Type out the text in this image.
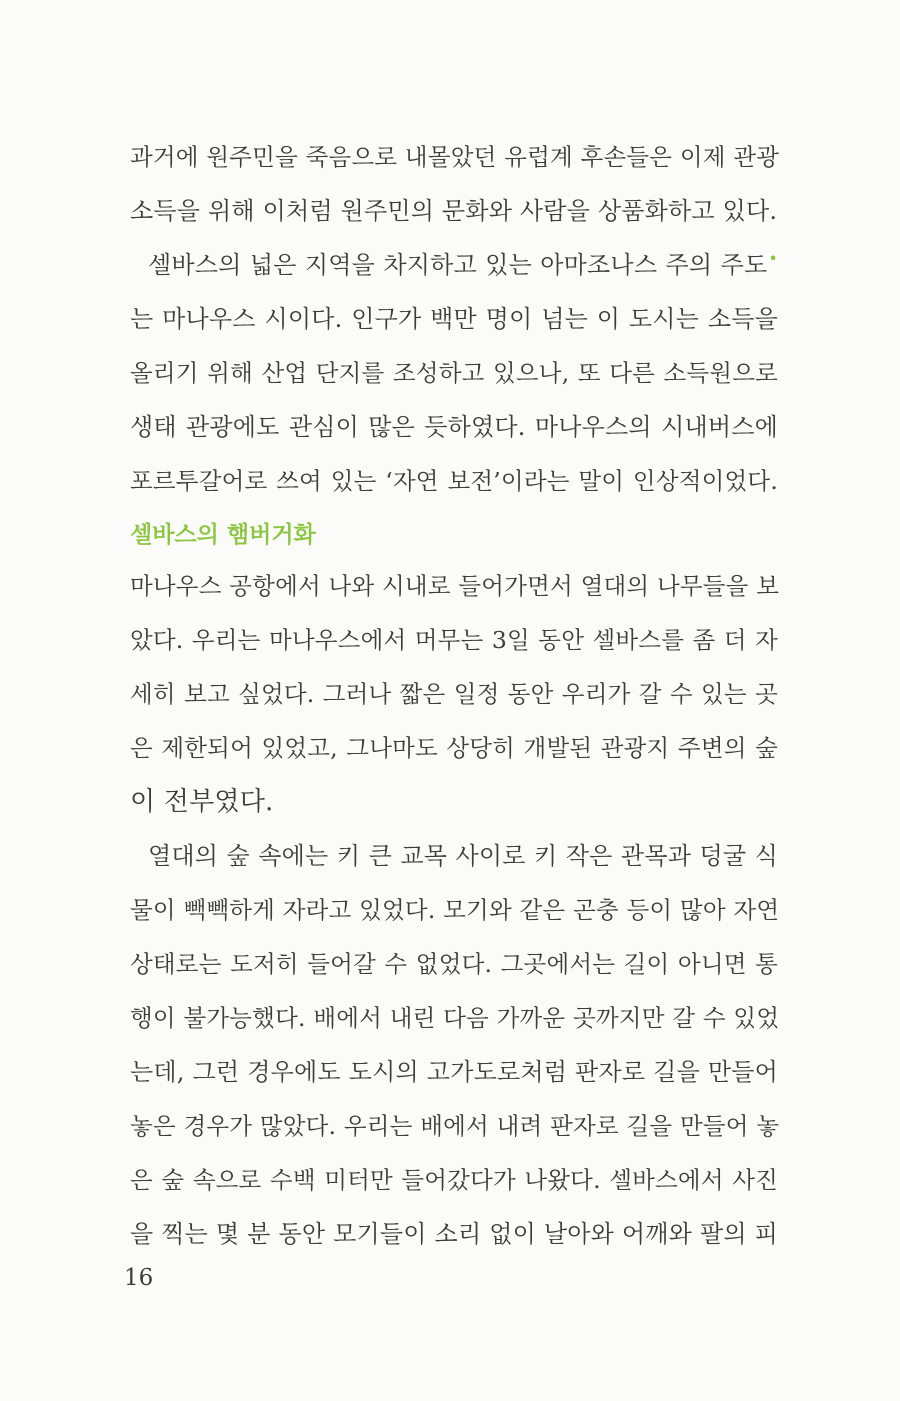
과거에 원주민을 죽음으로 내몰았던 유럽계 후손들은 이제 관광
소득을 위해 이처럼 원주민의 문화와 사람을 상품화하고 있다.
셀바스의 넓은 지역을 차지하고 있는 아마조나스 주의 주도•
는 마나우스 시이다. 인구가 백만 명이 넘는 이 도시는 소득을
올리기 위해 산업 단지를 조성하고 있으나, 또 다른 소득원으로
생태 관광에도 관심이 많은 듯하였다. 마나우스의 시내버스에
포르투갈어로 쓰여 있는 ‘자연 보전’이라는 말이 인상적이었다.
셀바스의 햄버거화
마나우스 공항에서 나와 시내로 들어가면서 열대의 나무들을 보
았다. 우리는 마나우스에서 머무는 3일 동안 셀바스를 좀 더 자
세히 보고 싶었다. 그러나 짧은 일정 동안 우리가 갈 수 있는 곳
은 제한되어 있었고, 그나마도 상당히 개발된 관광지 주변의 숲
이 전부였다.
열대의 숲 속에는 키 큰 교목 사이로 키 작은 관목과 덩굴 식
물이 빽빽하게 자라고 있었다. 모기와 같은 곤충 등이 많아 자연
상태로는 도저히 들어갈 수 없었다. 그곳에서는 길이 아니면 통
행이 불가능했다. 배에서 내린 다음 가까운 곳까지만 갈 수 있었
는데, 그런 경우에도 도시의 고가도로처럼 판자로 길을 만들어
놓은 경우가 많았다. 우리는 배에서 내려 판자로 길을 만들어 놓
은 숲 속으로 수백 미터만 들어갔다가 나왔다. 셀바스에서 사진
을 찍는 몇 분 동안 모기들이 소리 없이 날아와 어깨와 팔의 피
16
